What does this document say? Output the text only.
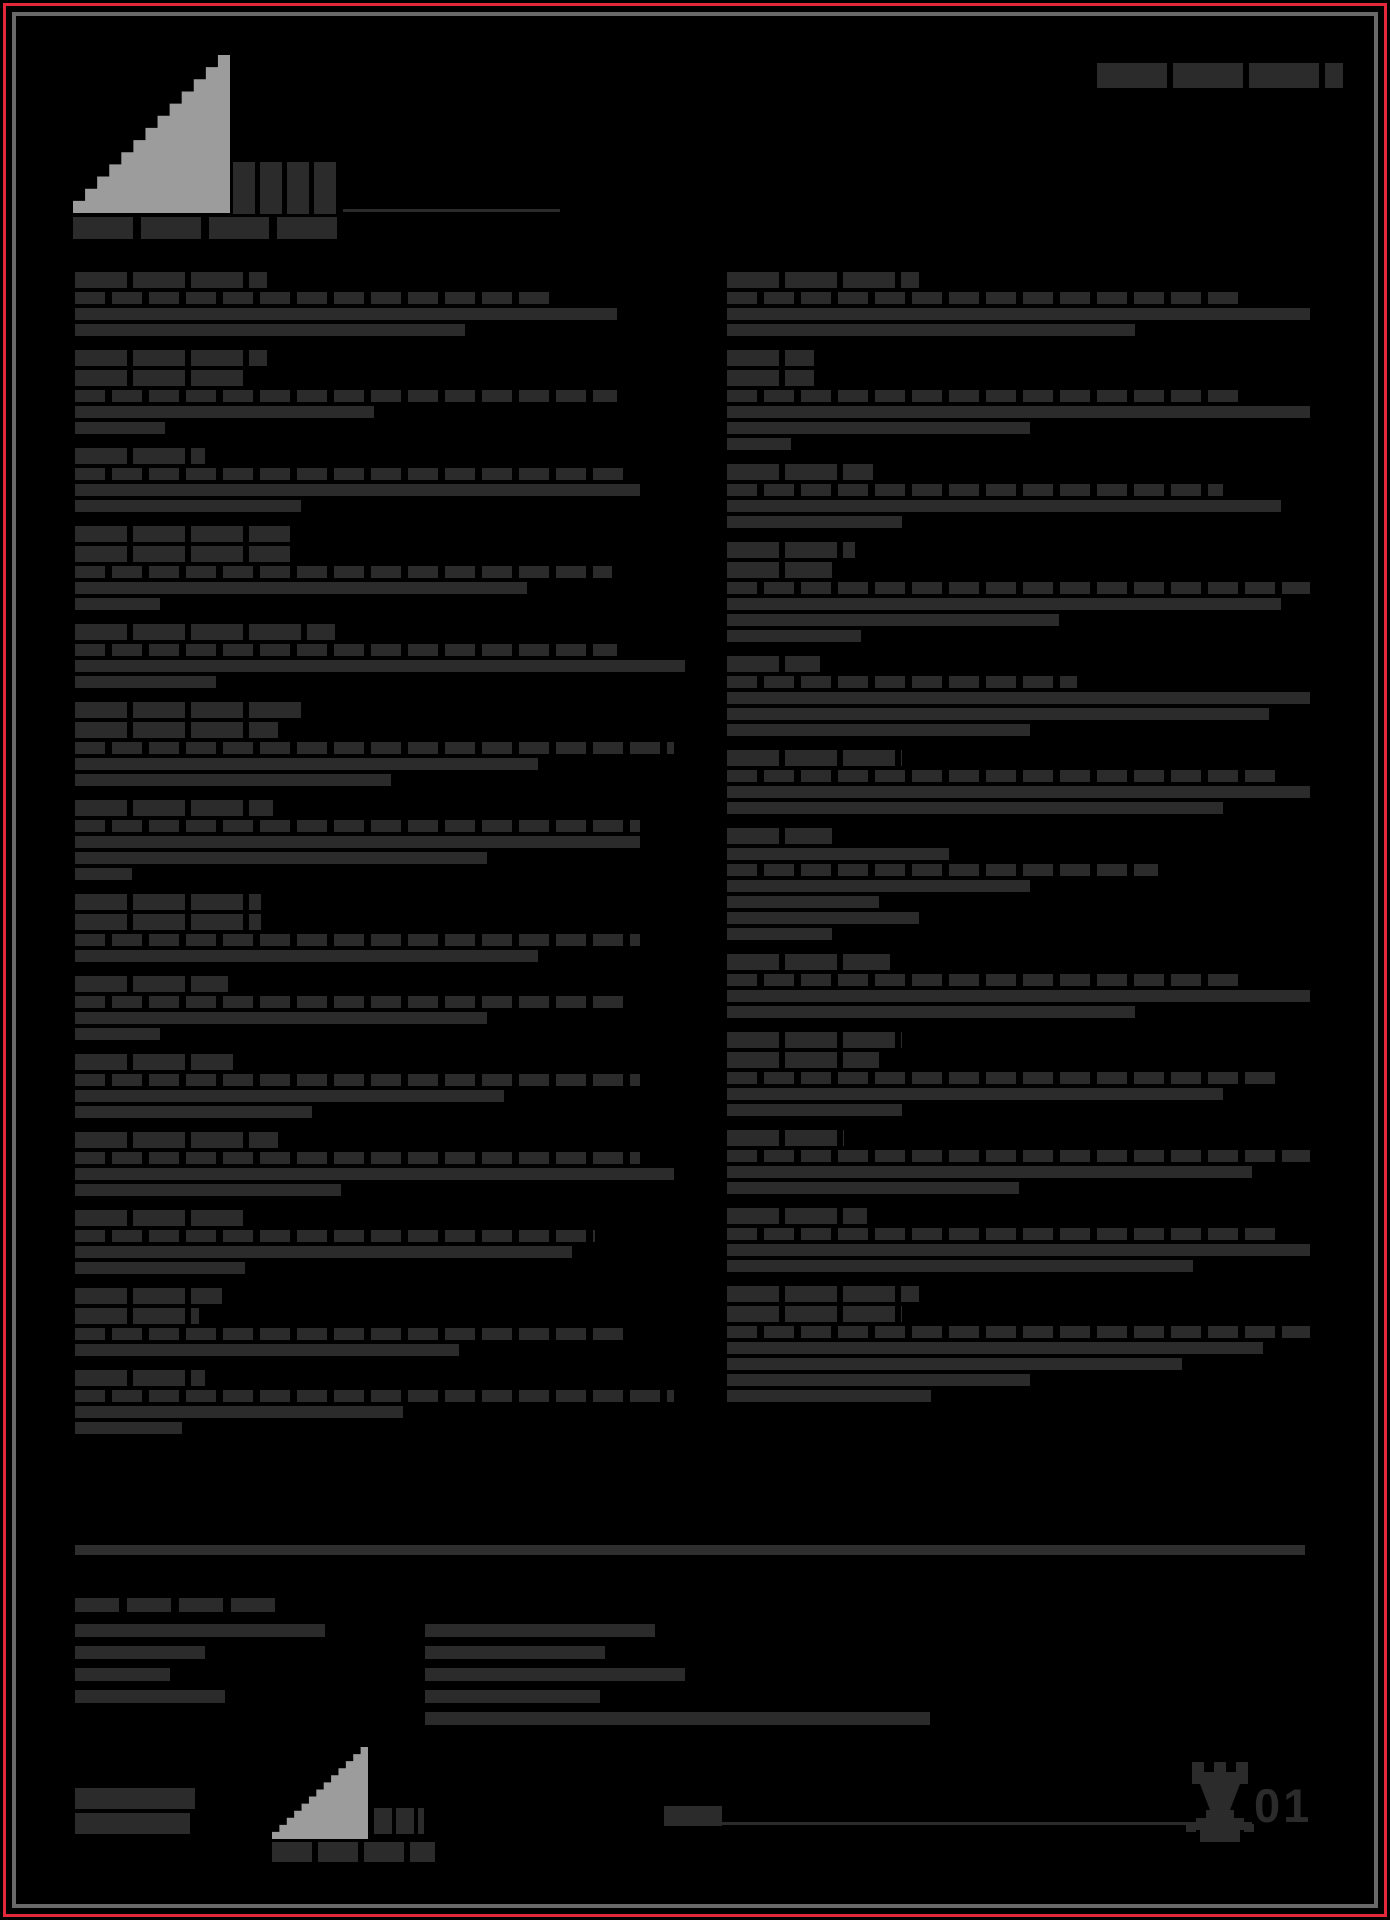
01
